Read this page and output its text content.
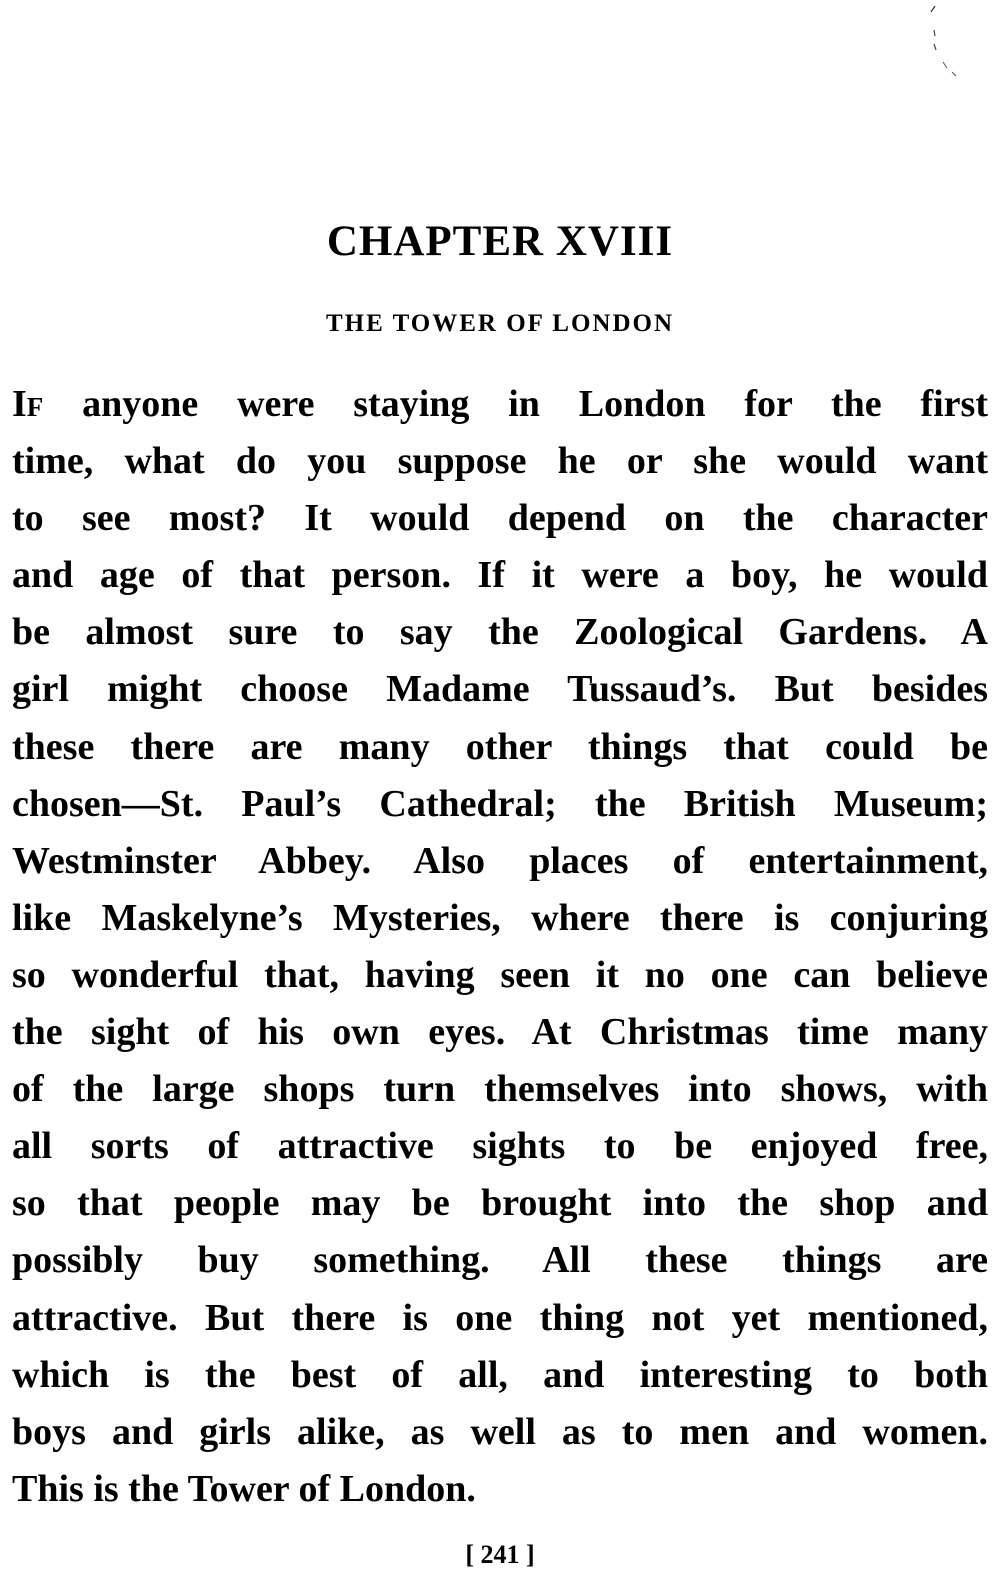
CHAPTER XVIII
THE TOWER OF LONDON
If anyone were staying in London for the first
time, what do you suppose he or she would want
to see most? It would depend on the character
and age of that person. If it were a boy, he would
be almost sure to say the Zoological Gardens. A
girl might choose Madame Tussaud’s. But besides
these there are many other things that could be
chosen—St. Paul’s Cathedral; the British Museum;
Westminster Abbey. Also places of entertainment,
like Maskelyne’s Mysteries, where there is conjuring
so wonderful that, having seen it no one can believe
the sight of his own eyes. At Christmas time many
of the large shops turn themselves into shows, with
all sorts of attractive sights to be enjoyed free,
so that people may be brought into the shop and
possibly buy something. All these things are
attractive. But there is one thing not yet mentioned,
which is the best of all, and interesting to both
boys and girls alike, as well as to men and women.
This is the Tower of London.
[ 241 ]
